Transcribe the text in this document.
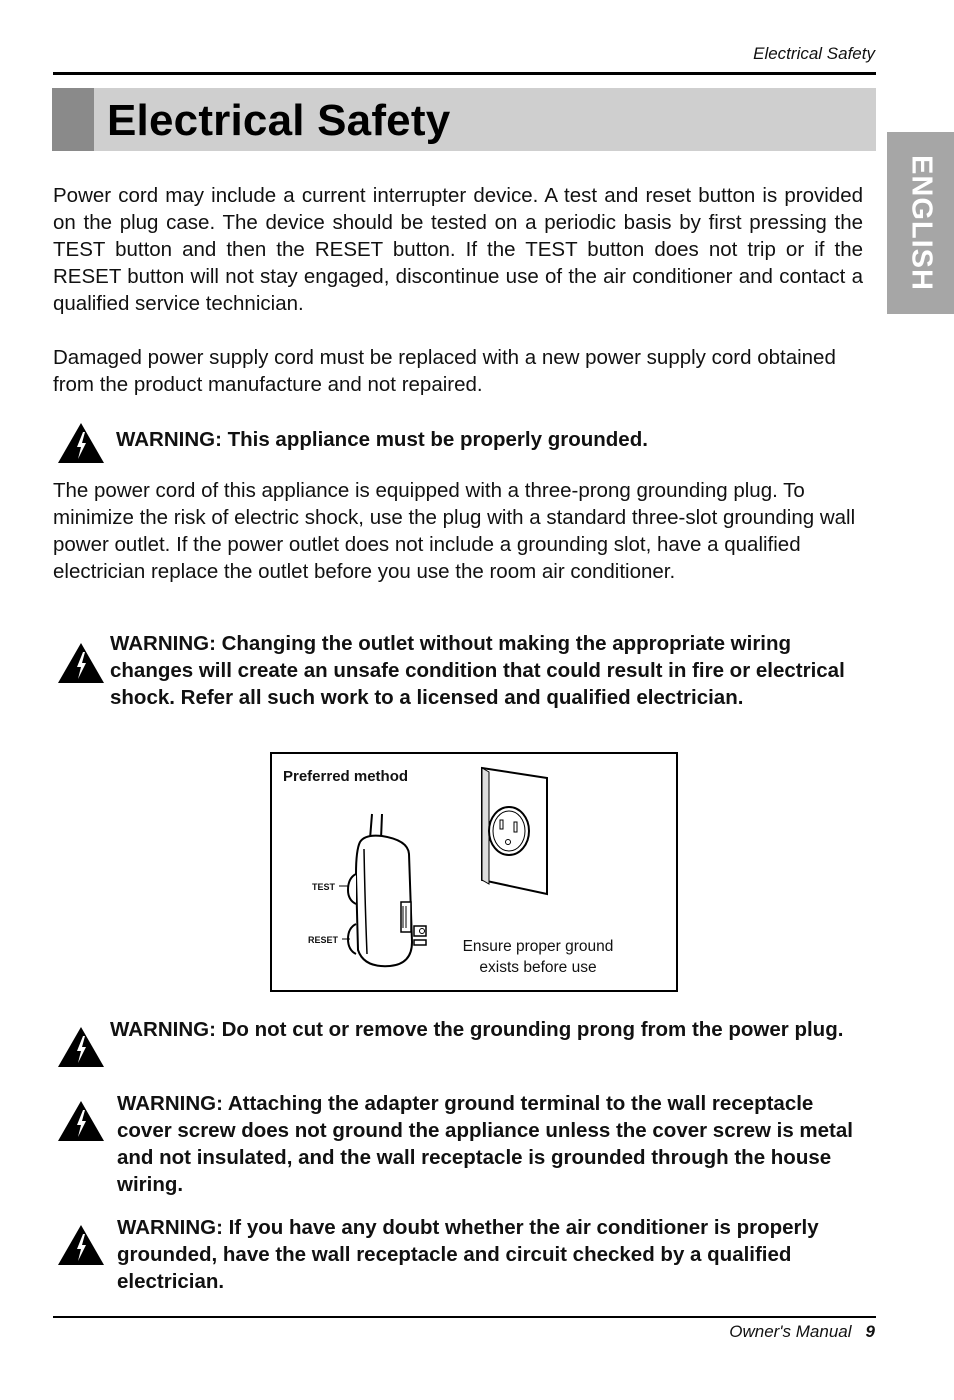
Electrical Safety
Electrical Safety
ENGLISH

Power cord may include a current interrupter device. A test and reset button is provided on the plug case. The device should be tested on a periodic basis by first pressing the TEST button and then the RESET button. If the TEST button does not trip or if the RESET button will not stay engaged, discontinue use of the air conditioner and contact a qualified service technician.

Damaged power supply cord must be replaced with a new power supply cord obtained from the product manufacture and not repaired.

WARNING: This appliance must be properly grounded.

The power cord of this appliance is equipped with a three-prong grounding plug. To minimize the risk of electric shock, use the plug with a standard three-slot grounding wall power outlet. If the power outlet does not include a grounding slot, have a qualified electrician replace the outlet before you use the room air conditioner.

WARNING: Changing the outlet without making the appropriate wiring changes will create an unsafe condition that could result in fire or electrical shock. Refer all such work to a licensed and qualified electrician.
Preferred method
TEST
RESET	Ensure proper ground
exists before use
WARNING: Do not cut or remove the grounding prong from the power plug.
WARNING: Attaching the adapter ground terminal to the wall receptacle cover screw does not ground the appliance unless the cover screw is metal and not insulated, and the wall receptacle is grounded through the house wiring.
WARNING: If you have any doubt whether the air conditioner is properly grounded, have the wall receptacle and circuit checked by a qualified electrician.
Owner's Manual 9
